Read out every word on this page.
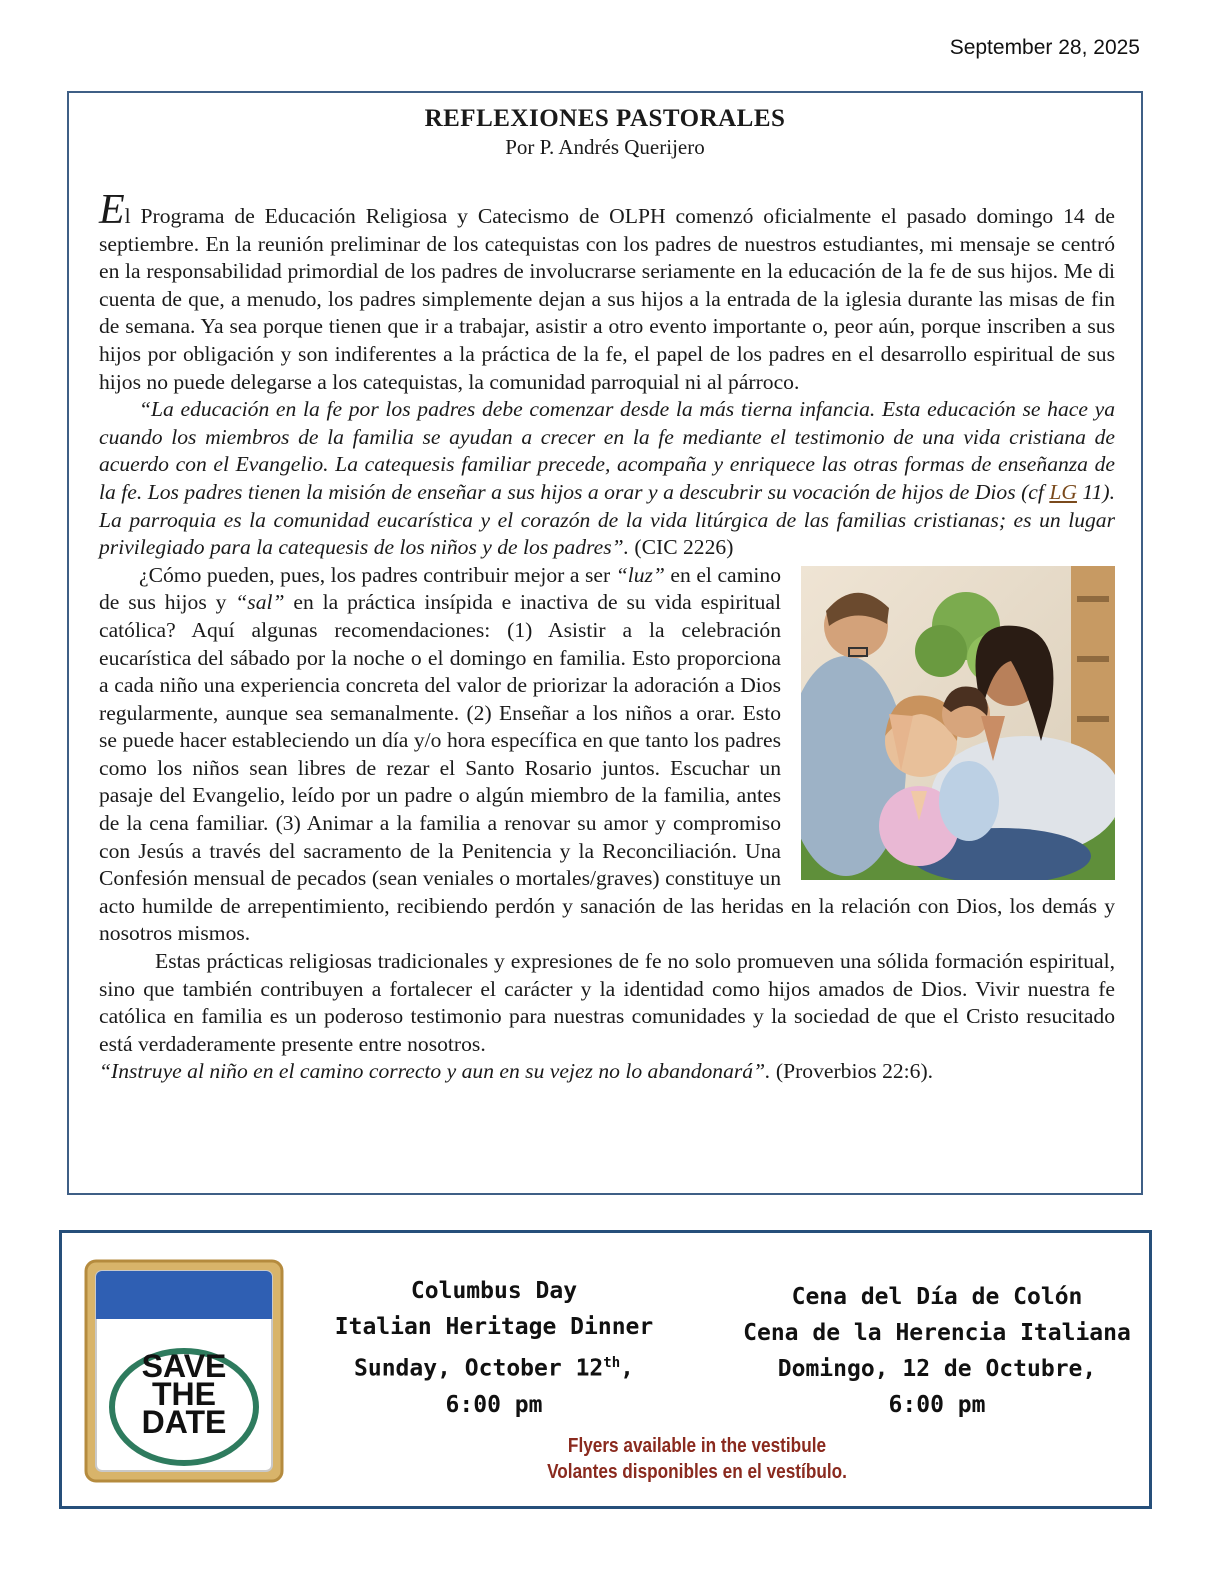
September 28, 2025
REFLEXIONES PASTORALES
Por P. Andrés Querijero

El Programa de Educación Religiosa y Catecismo de OLPH comenzó oficialmente el pasado domingo 14 de septiembre. En la reunión preliminar de los catequistas con los padres de nuestros estudiantes, mi mensaje se centró en la responsabilidad primordial de los padres de involucrarse seriamente en la educación de la fe de sus hijos. Me di cuenta de que, a menudo, los padres simplemente dejan a sus hijos a la entrada de la iglesia durante las misas de fin de semana. Ya sea porque tienen que ir a trabajar, asistir a otro evento importante o, peor aún, porque inscriben a sus hijos por obligación y son indiferentes a la práctica de la fe, el papel de los padres en el desarrollo espiritual de sus hijos no puede delegarse a los catequistas, la comunidad parroquial ni al párroco.

“La educación en la fe por los padres debe comenzar desde la más tierna infancia. Esta educación se hace ya cuando los miembros de la familia se ayudan a crecer en la fe mediante el testimonio de una vida cristiana de acuerdo con el Evangelio. La catequesis familiar precede, acompaña y enriquece las otras formas de enseñanza de la fe. Los padres tienen la misión de enseñar a sus hijos a orar y a descubrir su vocación de hijos de Dios (cf LG 11). La parroquia es la comunidad eucarística y el corazón de la vida litúrgica de las familias cristianas; es un lugar privilegiado para la catequesis de los niños y de los padres”. (CIC 2226)

¿Cómo pueden, pues, los padres contribuir mejor a ser “luz” en el camino de sus hijos y “sal” en la práctica insípida e inactiva de su vida espiritual católica? Aquí algunas recomendaciones: (1) Asistir a la celebración eucarística del sábado por la noche o el domingo en familia. Esto proporciona a cada niño una experiencia concreta del valor de priorizar la adoración a Dios regularmente, aunque sea semanalmente. (2) Enseñar a los niños a orar. Esto se puede hacer estableciendo un día y/o hora específica en que tanto los padres como los niños sean libres de rezar el Santo Rosario juntos. Escuchar un pasaje del Evangelio, leído por un padre o algún miembro de la familia, antes de la cena familiar. (3) Animar a la familia a renovar su amor y compromiso con Jesús a través del sacramento de la Penitencia y la Reconciliación. Una Confesión mensual de pecados (sean veniales o mortales/graves) constituye un acto humilde de arrepentimiento, recibiendo perdón y sanación de las heridas en la relación con Dios, los demás y nosotros mismos.

Estas prácticas religiosas tradicionales y expresiones de fe no solo promueven una sólida formación espiritual, sino que también contribuyen a fortalecer el carácter y la identidad como hijos amados de Dios. Vivir nuestra fe católica en familia es un poderoso testimonio para nuestras comunidades y la sociedad de que el Cristo resucitado está verdaderamente presente entre nosotros.

“Instruye al niño en el camino correcto y aun en su vejez no lo abandonará”. (Proverbios 22:6).

SAVE
THE
DATE
Columbus Day
Italian Heritage Dinner
Sunday, October 12th,
6:00 pm
Cena del Día de Colón
Cena de la Herencia Italiana
Domingo, 12 de Octubre,
6:00 pm
Flyers available in the vestibule
Volantes disponibles en el vestíbulo.
